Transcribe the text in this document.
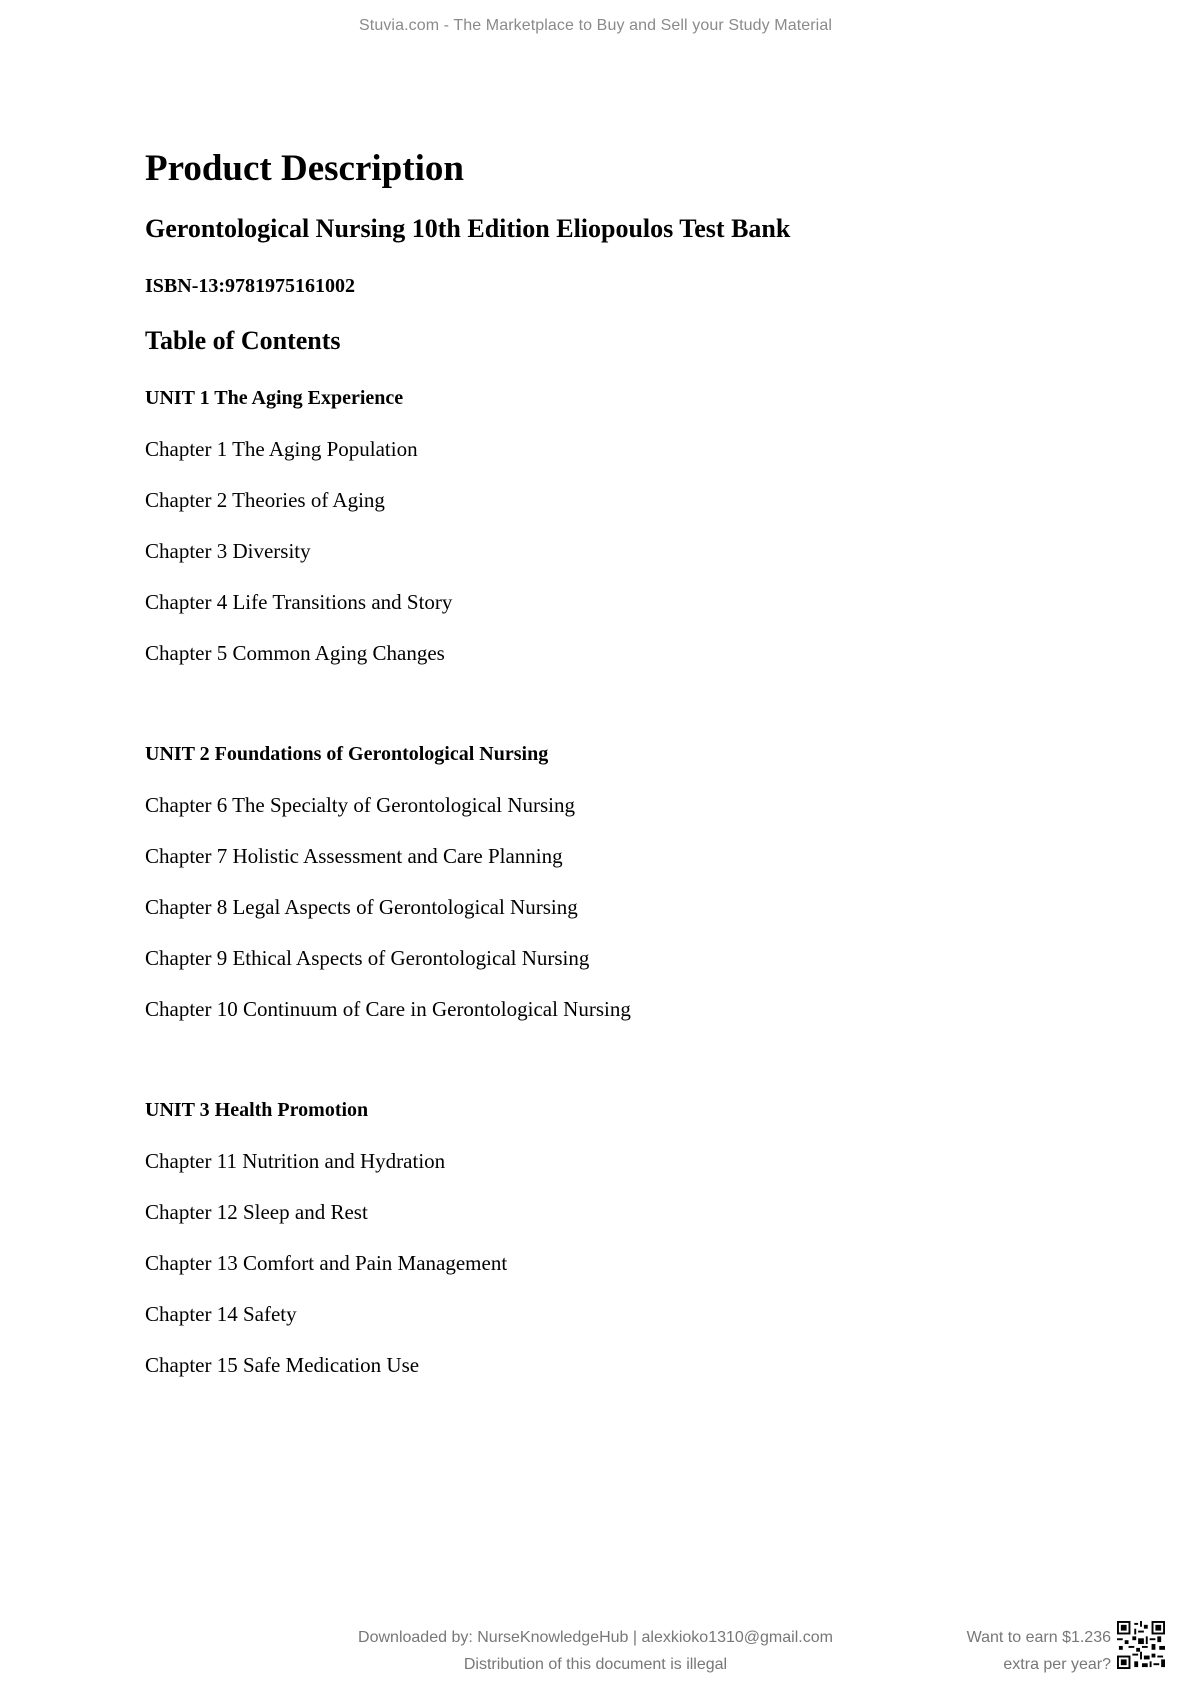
Stuvia.com - The Marketplace to Buy and Sell your Study Material
Product Description
Gerontological Nursing 10th Edition Eliopoulos Test Bank
ISBN-13:9781975161002
Table of Contents
UNIT 1 The Aging Experience
Chapter 1 The Aging Population
Chapter 2 Theories of Aging
Chapter 3 Diversity
Chapter 4 Life Transitions and Story
Chapter 5 Common Aging Changes
UNIT 2 Foundations of Gerontological Nursing
Chapter 6 The Specialty of Gerontological Nursing
Chapter 7 Holistic Assessment and Care Planning
Chapter 8 Legal Aspects of Gerontological Nursing
Chapter 9 Ethical Aspects of Gerontological Nursing
Chapter 10 Continuum of Care in Gerontological Nursing
UNIT 3 Health Promotion
Chapter 11 Nutrition and Hydration
Chapter 12 Sleep and Rest
Chapter 13 Comfort and Pain Management
Chapter 14 Safety
Chapter 15 Safe Medication Use
Downloaded by: NurseKnowledgeHub | alexkioko1310@gmail.com
Distribution of this document is illegal
Want to earn $1.236
extra per year?
